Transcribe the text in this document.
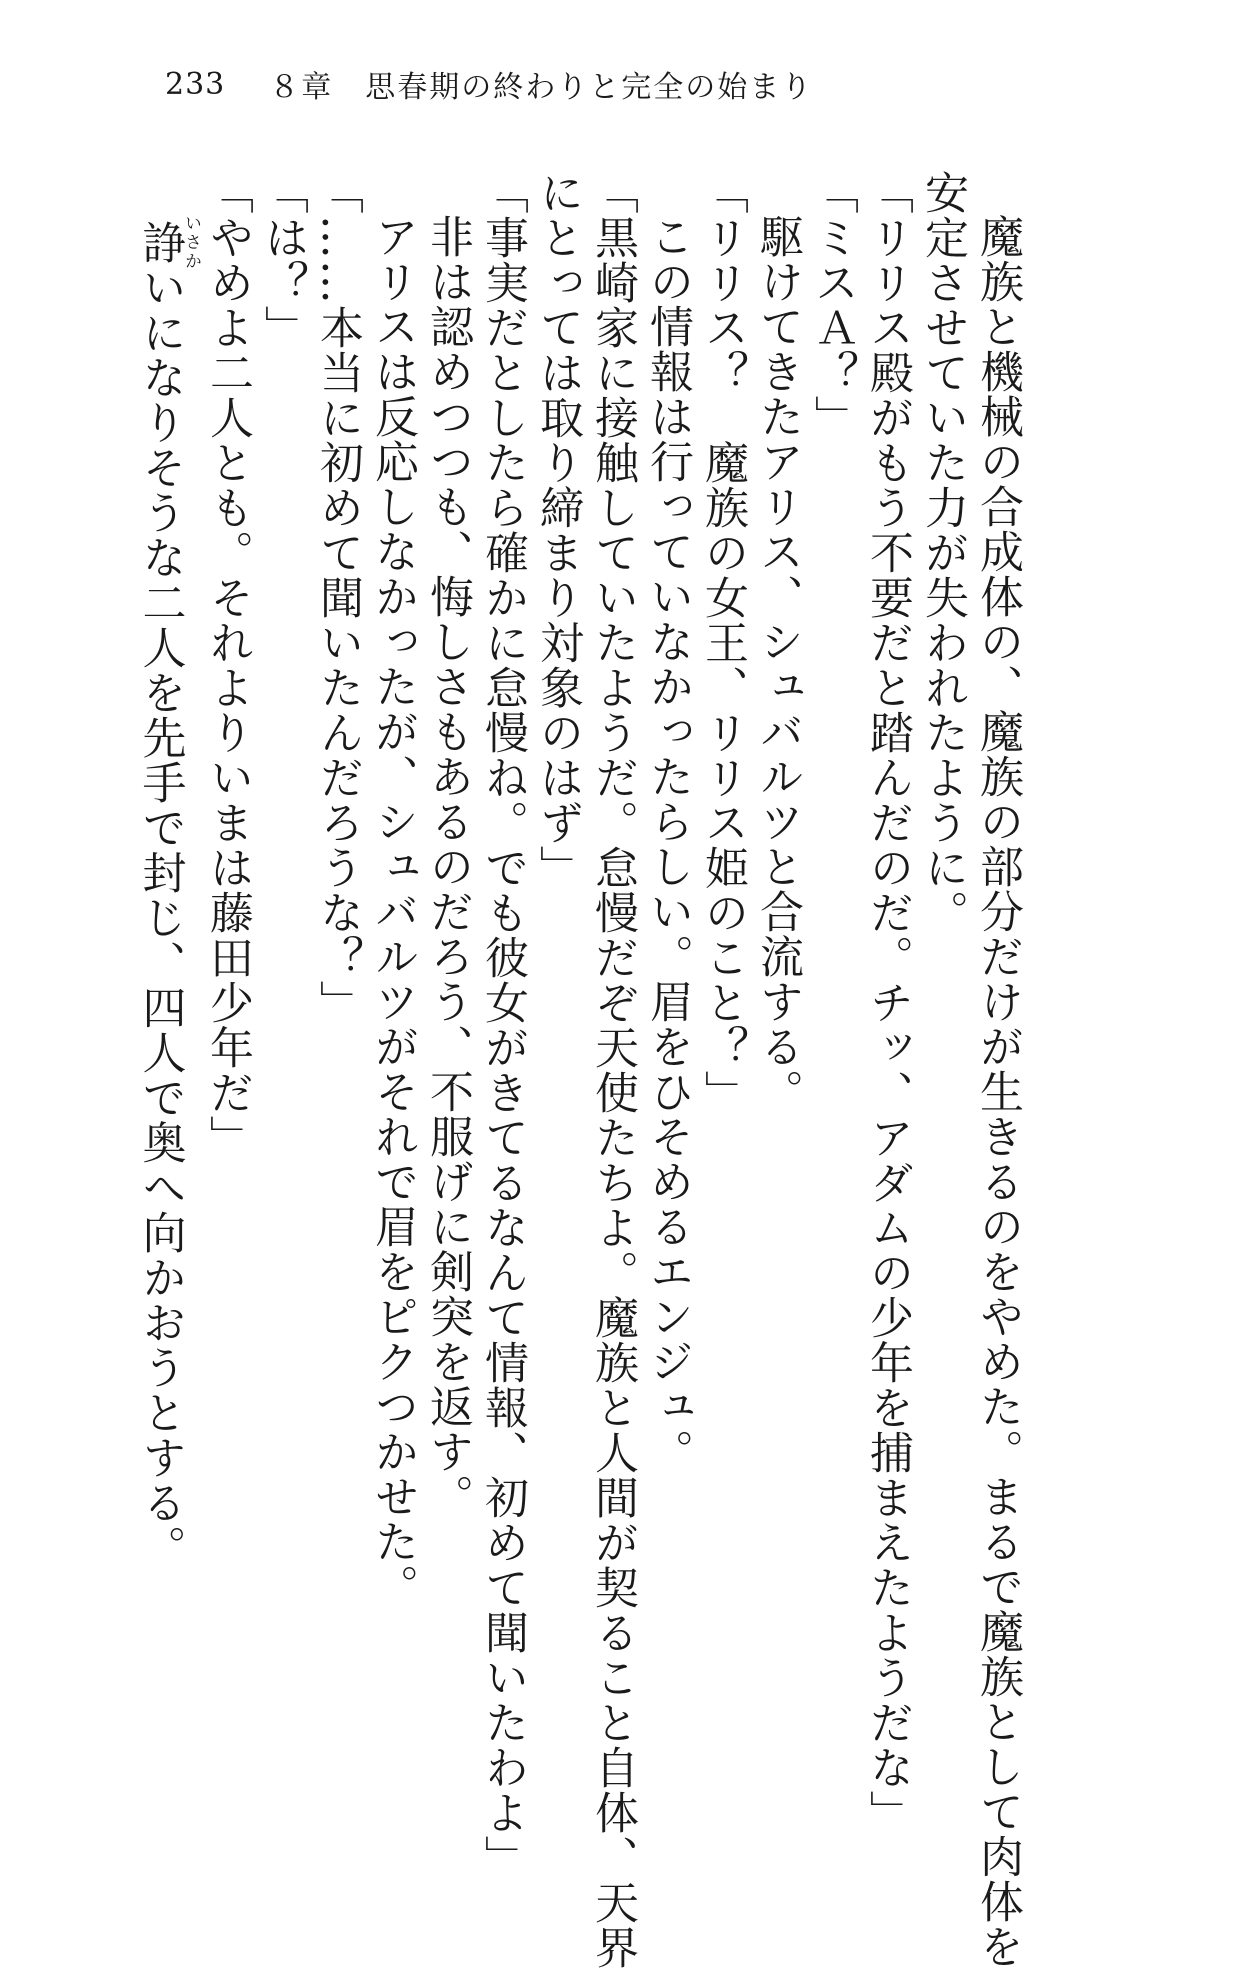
233 ８章　思春期の終わりと完全の始まり
魔族と機械の合成体の、魔族の部分だけが生きるのをやめた。まるで魔族として肉体を
安定させていた力が失われたように。
「リリス殿がもう不要だと踏んだのだ。チッ、アダムの少年を捕まえたようだな」
「ミスＡ？」
駆けてきたアリス、シュバルツと合流する。
「リリス？　魔族の女王、リリス姫のこと？」
この情報は行っていなかったらしい。眉をひそめるエンジュ。
「黒崎家に接触していたようだ。怠慢だぞ天使たちよ。魔族と人間が契ること自体、天界
にとっては取り締まり対象のはず」
「事実だとしたら確かに怠慢ね。でも彼女がきてるなんて情報、初めて聞いたわよ」
非は認めつつも、悔しさもあるのだろう、不服げに剣突を返す。
アリスは反応しなかったが、シュバルツがそれで眉をピクつかせた。
「……本当に初めて聞いたんだろうな？」
「は？」
「やめよ二人とも。それよりいまは藤田少年だ」
諍いさかいになりそうな二人を先手で封じ、四人で奥へ向かおうとする。
